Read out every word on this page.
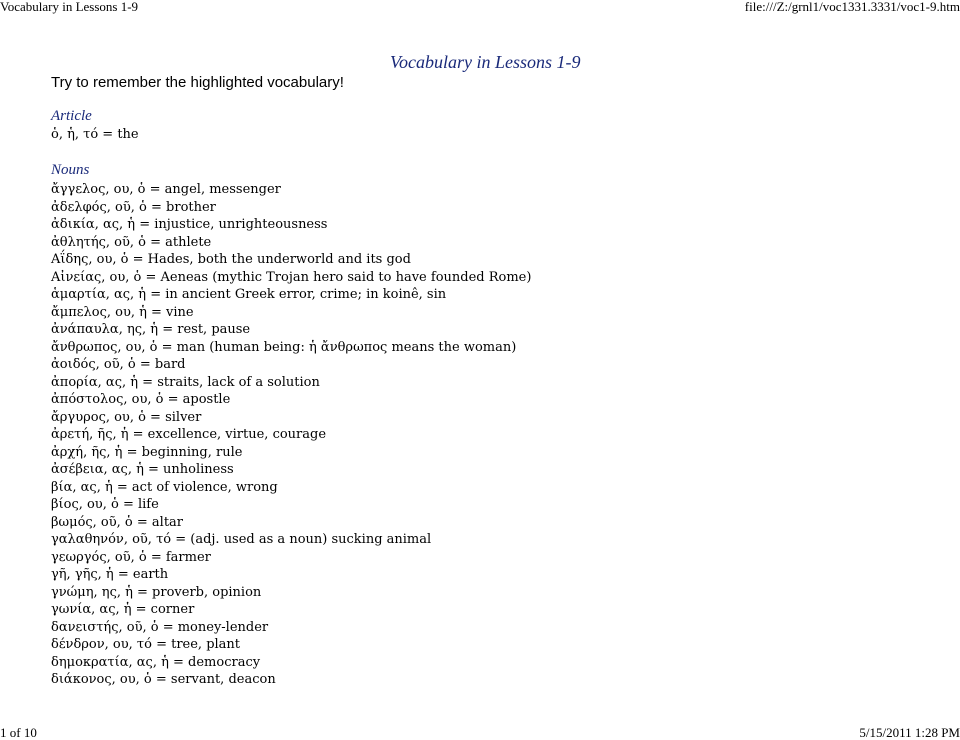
Vocabulary in Lessons 1-9	file:///Z:/grnl1/voc1331.3331/voc1-9.htm
Vocabulary in Lessons 1-9
Try to remember the highlighted vocabulary!
Article
ὁ, ἡ, τό = the
Nouns
ἄγγελος, ου, ὁ = angel, messenger
ἀδελφός, οῦ, ὁ = brother
ἀδικία, ας, ἡ = injustice, unrighteousness
ἀθλητής, οῦ, ὁ = athlete
Αΐδης, ου, ὁ = Hades, both the underworld and its god
Αἰνείας, ου, ὁ = Aeneas (mythic Trojan hero said to have founded Rome)
ἁμαρτία, ας, ἡ = in ancient Greek error, crime; in koinê, sin
ἄμπελος, ου, ἡ = vine
ἀνάπαυλα, ης, ἡ = rest, pause
ἄνθρωπος, ου, ὁ = man (human being: ἡ ἄνθρωπος means the woman)
ἀοιδός, οῦ, ὁ = bard
ἀπορία, ας, ἡ = straits, lack of a solution
ἀπόστολος, ου, ὁ = apostle
ἄργυρος, ου, ὁ = silver
ἀρετή, ῆς, ἡ = excellence, virtue, courage
ἀρχή, ῆς, ἡ = beginning, rule
ἀσέβεια, ας, ἡ = unholiness
βία, ας, ἡ = act of violence, wrong
βίος, ου, ὁ = life
βωμός, οῦ, ὁ = altar
γαλαθηνόν, οῦ, τό = (adj. used as a noun) sucking animal
γεωργός, οῦ, ὁ = farmer
γῆ, γῆς, ἡ = earth
γνώμη, ης, ἡ = proverb, opinion
γωνία, ας, ἡ = corner
δανειστής, οῦ, ὁ = money-lender
δένδρον, ου, τό = tree, plant
δημοκρατία, ας, ἡ = democracy
διάκονος, ου, ὁ = servant, deacon
1 of 10	5/15/2011 1:28 PM
